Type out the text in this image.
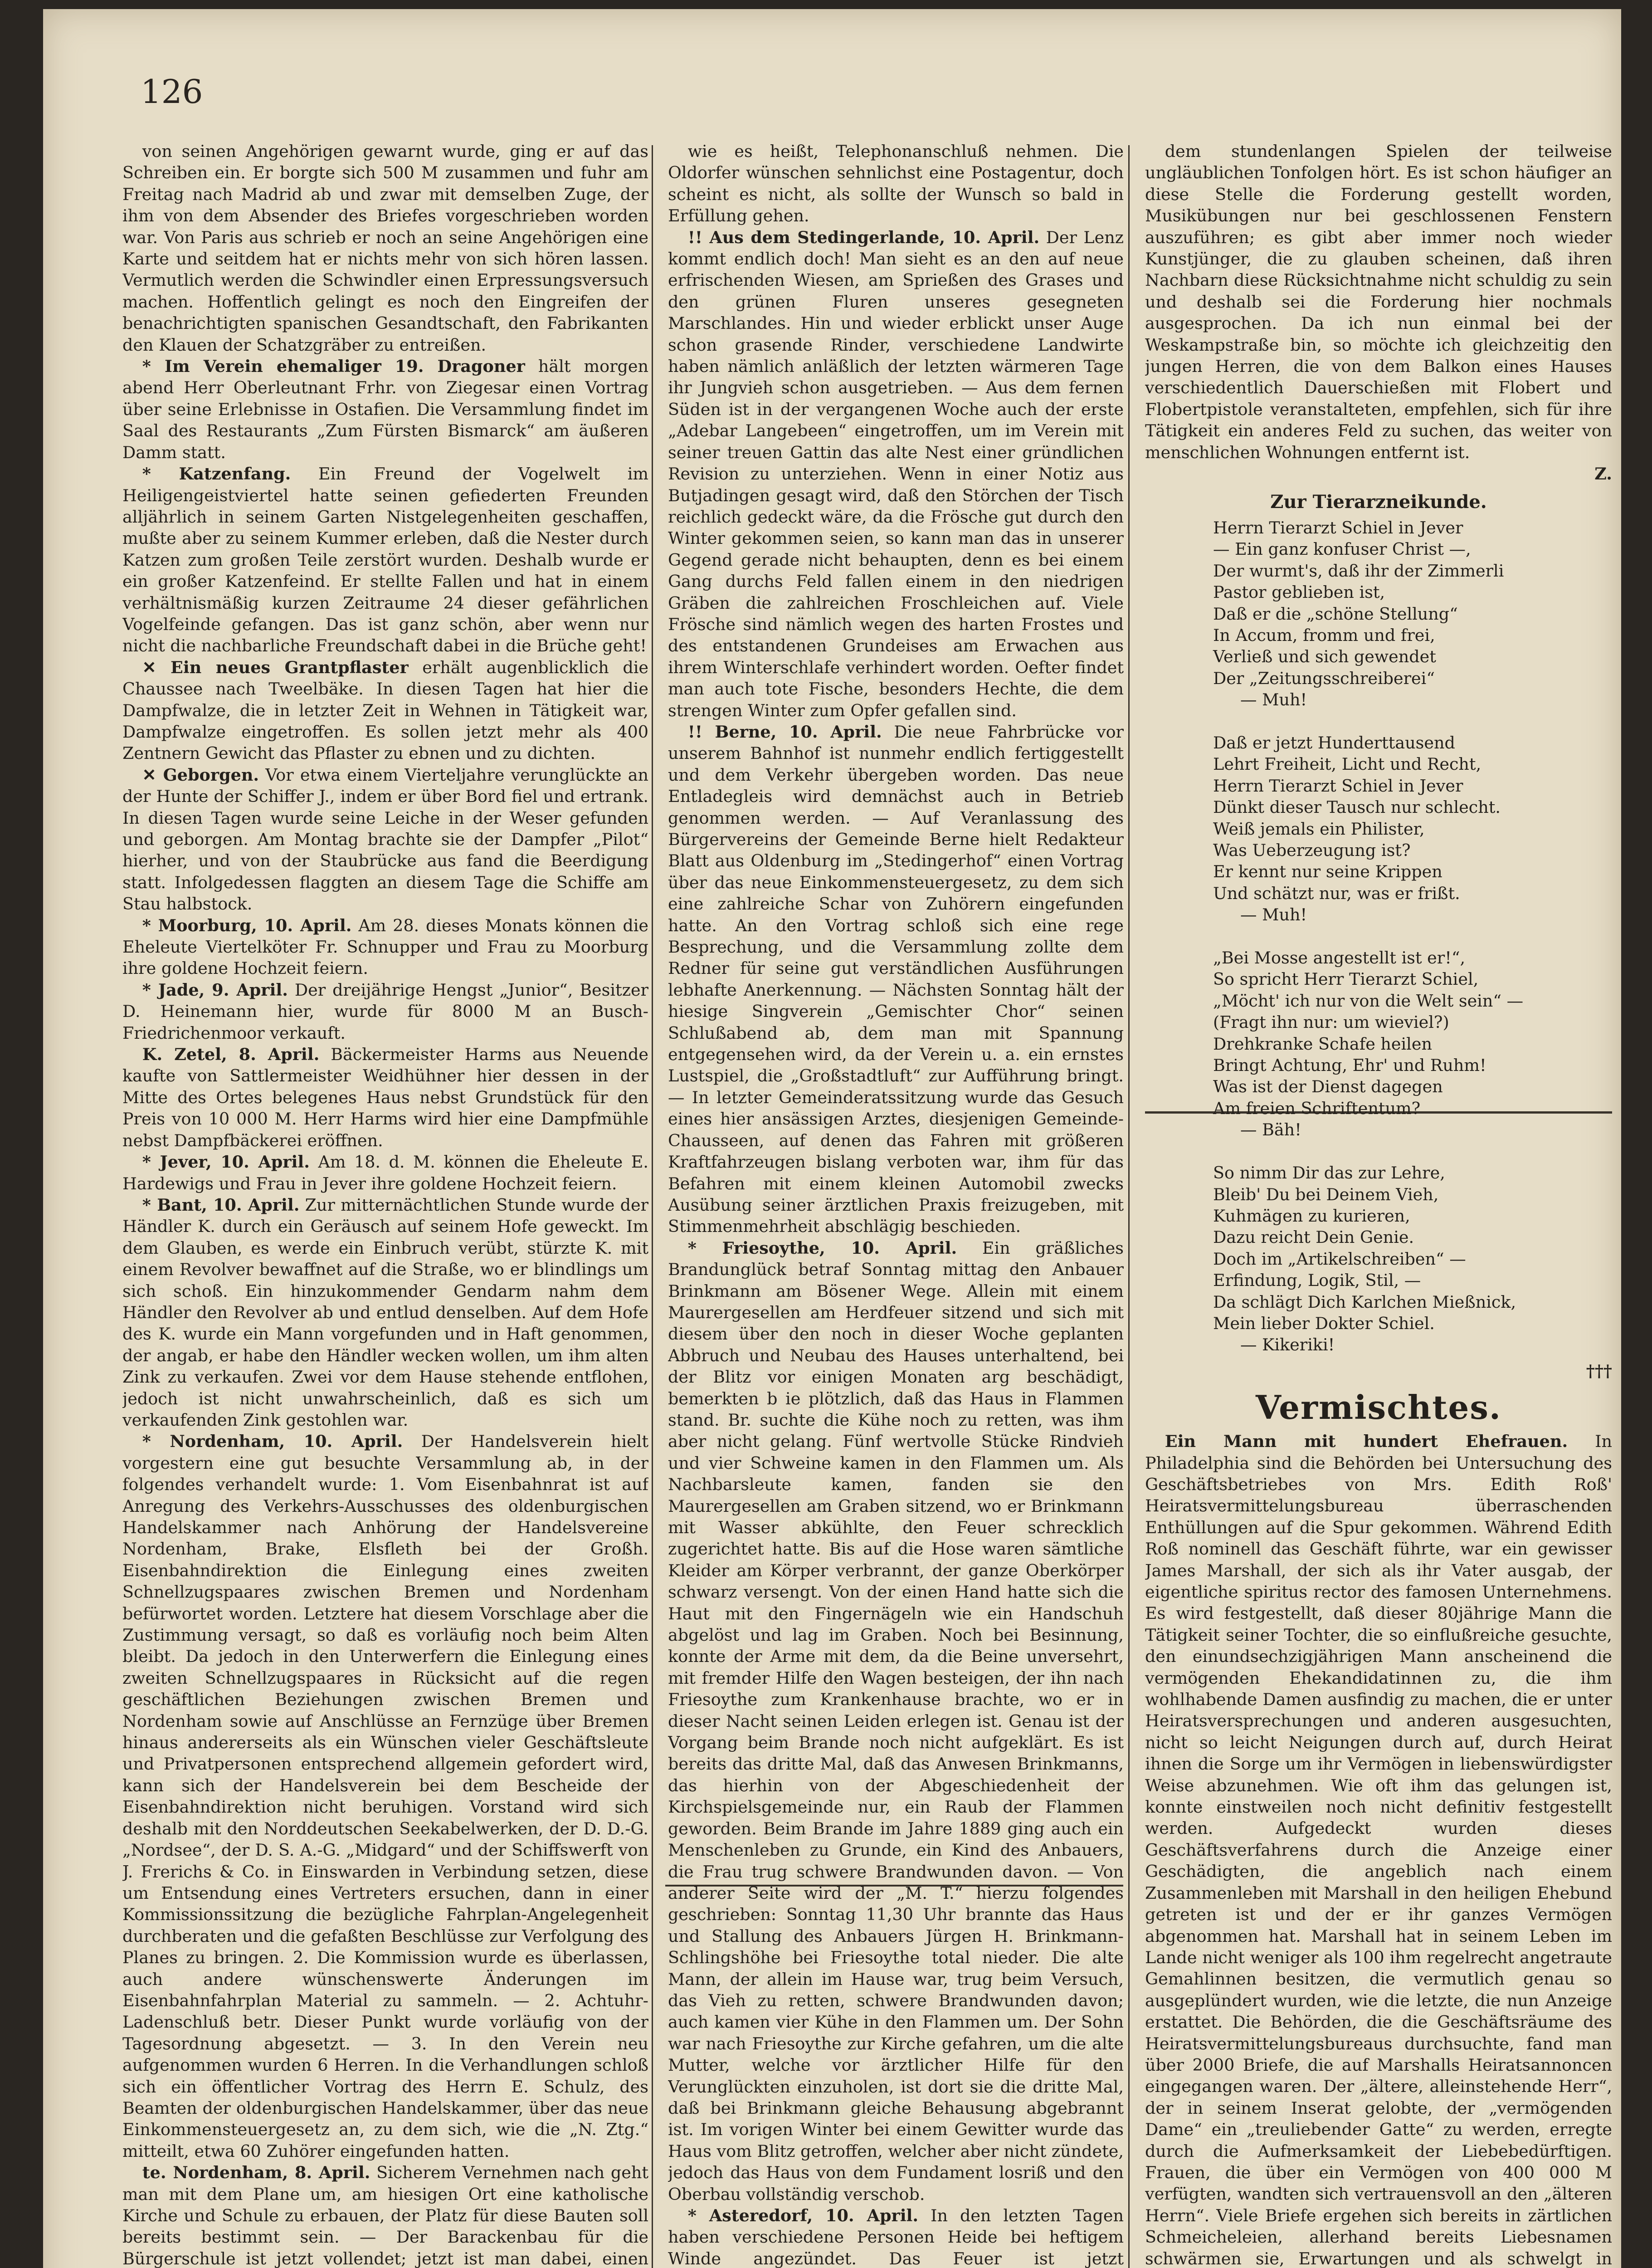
126

von seinen Angehörigen gewarnt wurde, ging er auf das Schreiben ein. Er borgte sich 500 M zusammen und fuhr am Freitag nach Madrid ab und zwar mit demselben Zuge, der ihm von dem Absender des Briefes vorgeschrieben worden war. Von Paris aus schrieb er noch an seine Angehörigen eine Karte und seitdem hat er nichts mehr von sich hören lassen. Vermutlich werden die Schwindler einen Erpressungsversuch machen. Hoffentlich gelingt es noch den Eingreifen der benachrichtigten spanischen Gesandtschaft, den Fabrikanten den Klauen der Schatzgräber zu entreißen.

* Im Verein ehemaliger 19. Dragoner hält morgen abend Herr Oberleutnant Frhr. von Ziegesar einen Vortrag über seine Erlebnisse in Ostafien. Die Versammlung findet im Saal des Restaurants „Zum Fürsten Bismarck“ am äußeren Damm statt.

* Katzenfang. Ein Freund der Vogelwelt im Heiligengeistviertel hatte seinen gefiederten Freunden alljährlich in seinem Garten Nistgelegenheiten geschaffen, mußte aber zu seinem Kummer erleben, daß die Nester durch Katzen zum großen Teile zerstört wurden. Deshalb wurde er ein großer Katzenfeind. Er stellte Fallen und hat in einem verhältnismäßig kurzen Zeitraume 24 dieser gefährlichen Vogelfeinde gefangen. Das ist ganz schön, aber wenn nur nicht die nachbarliche Freundschaft dabei in die Brüche geht!

✕ Ein neues Grantpflaster erhält augenblicklich die Chaussee nach Tweelbäke. In diesen Tagen hat hier die Dampfwalze, die in letzter Zeit in Wehnen in Tätigkeit war, Dampfwalze eingetroffen. Es sollen jetzt mehr als 400 Zentnern Gewicht das Pflaster zu ebnen und zu dichten.

✕ Geborgen. Vor etwa einem Vierteljahre verunglückte an der Hunte der Schiffer J., indem er über Bord fiel und ertrank. In diesen Tagen wurde seine Leiche in der Weser gefunden und geborgen. Am Montag brachte sie der Dampfer „Pilot“ hierher, und von der Staubrücke aus fand die Beerdigung statt. Infolgedessen flaggten an diesem Tage die Schiffe am Stau halbstock.

* Moorburg, 10. April. Am 28. dieses Monats können die Eheleute Viertelköter Fr. Schnupper und Frau zu Moorburg ihre goldene Hochzeit feiern.

* Jade, 9. April. Der dreijährige Hengst „Junior“, Besitzer D. Heinemann hier, wurde für 8000 M an Busch-Friedrichenmoor verkauft.

K. Zetel, 8. April. Bäckermeister Harms aus Neuende kaufte von Sattlermeister Weidhühner hier dessen in der Mitte des Ortes belegenes Haus nebst Grundstück für den Preis von 10 000 M. Herr Harms wird hier eine Dampfmühle nebst Dampfbäckerei eröffnen.

* Jever, 10. April. Am 18. d. M. können die Eheleute E. Hardewigs und Frau in Jever ihre goldene Hochzeit feiern.

* Bant, 10. April. Zur mitternächtlichen Stunde wurde der Händler K. durch ein Geräusch auf seinem Hofe geweckt. Im dem Glauben, es werde ein Einbruch verübt, stürzte K. mit einem Revolver bewaffnet auf die Straße, wo er blindlings um sich schoß. Ein hinzukommender Gendarm nahm dem Händler den Revolver ab und entlud denselben. Auf dem Hofe des K. wurde ein Mann vorgefunden und in Haft genommen, der angab, er habe den Händler wecken wollen, um ihm alten Zink zu verkaufen. Zwei vor dem Hause stehende entflohen, jedoch ist nicht unwahrscheinlich, daß es sich um verkaufenden Zink gestohlen war.

* Nordenham, 10. April. Der Handelsverein hielt vorgestern eine gut besuchte Versammlung ab, in der folgendes verhandelt wurde: 1. Vom Eisenbahnrat ist auf Anregung des Verkehrs-Ausschusses des oldenburgischen Handelskammer nach Anhörung der Handelsvereine Nordenham, Brake, Elsfleth bei der Großh. Eisenbahndirektion die Einlegung eines zweiten Schnellzugspaares zwischen Bremen und Nordenham befürwortet worden. Letztere hat diesem Vorschlage aber die Zustimmung versagt, so daß es vorläufig noch beim Alten bleibt. Da jedoch in den Unterwerfern die Einlegung eines zweiten Schnellzugspaares in Rücksicht auf die regen geschäftlichen Beziehungen zwischen Bremen und Nordenham sowie auf Anschlüsse an Fernzüge über Bremen hinaus andererseits als ein Wünschen vieler Geschäftsleute und Privatpersonen entsprechend allgemein gefordert wird, kann sich der Handelsverein bei dem Bescheide der Eisenbahndirektion nicht beruhigen. Vorstand wird sich deshalb mit den Norddeutschen Seekabelwerken, der D. D.-G. „Nordsee“, der D. S. A.-G. „Midgard“ und der Schiffswerft von J. Frerichs & Co. in Einswarden in Verbindung setzen, diese um Entsendung eines Vertreters ersuchen, dann in einer Kommissionssitzung die bezügliche Fahrplan-Angelegenheit durchberaten und die gefaßten Beschlüsse zur Verfolgung des Planes zu bringen. 2. Die Kommission wurde es überlassen, auch andere wünschenswerte Änderungen im Eisenbahnfahrplan Material zu sammeln. — 2. Achtuhr-Ladenschluß betr. Dieser Punkt wurde vorläufig von der Tagesordnung abgesetzt. — 3. In den Verein neu aufgenommen wurden 6 Herren. In die Verhandlungen schloß sich ein öffentlicher Vortrag des Herrn E. Schulz, des Beamten der oldenburgischen Handelskammer, über das neue Einkommensteuergesetz an, zu dem sich, wie die „N. Ztg.“ mitteilt, etwa 60 Zuhörer eingefunden hatten.

te. Nordenham, 8. April. Sicherem Vernehmen nach geht man mit dem Plane um, am hiesigen Ort eine katholische Kirche und Schule zu erbauen, der Platz für diese Bauten soll bereits bestimmt sein. — Der Barackenbau für die Bürgerschule ist jetzt vollendet; jetzt ist man dabei, einen

wie es heißt, Telephonanschluß nehmen. Die Oldorfer wünschen sehnlichst eine Postagentur, doch scheint es nicht, als sollte der Wunsch so bald in Erfüllung gehen.

!! Aus dem Stedingerlande, 10. April. Der Lenz kommt endlich doch! Man sieht es an den auf neue erfrischenden Wiesen, am Sprießen des Grases und den grünen Fluren unseres gesegneten Marschlandes. Hin und wieder erblickt unser Auge schon grasende Rinder, verschiedene Landwirte haben nämlich anläßlich der letzten wärmeren Tage ihr Jungvieh schon ausgetrieben. — Aus dem fernen Süden ist in der vergangenen Woche auch der erste „Adebar Langebeen“ eingetroffen, um im Verein mit seiner treuen Gattin das alte Nest einer gründlichen Revision zu unterziehen. Wenn in einer Notiz aus Butjadingen gesagt wird, daß den Störchen der Tisch reichlich gedeckt wäre, da die Frösche gut durch den Winter gekommen seien, so kann man das in unserer Gegend gerade nicht behaupten, denn es bei einem Gang durchs Feld fallen einem in den niedrigen Gräben die zahlreichen Froschleichen auf. Viele Frösche sind nämlich wegen des harten Frostes und des entstandenen Grundeises am Erwachen aus ihrem Winterschlafe verhindert worden. Oefter findet man auch tote Fische, besonders Hechte, die dem strengen Winter zum Opfer gefallen sind.

!! Berne, 10. April. Die neue Fahrbrücke vor unserem Bahnhof ist nunmehr endlich fertiggestellt und dem Verkehr übergeben worden. Das neue Entladegleis wird demnächst auch in Betrieb genommen werden. — Auf Veranlassung des Bürgervereins der Gemeinde Berne hielt Redakteur Blatt aus Oldenburg im „Stedingerhof“ einen Vortrag über das neue Einkommensteuergesetz, zu dem sich eine zahlreiche Schar von Zuhörern eingefunden hatte. An den Vortrag schloß sich eine rege Besprechung, und die Versammlung zollte dem Redner für seine gut verständlichen Ausführungen lebhafte Anerkennung. — Nächsten Sonntag hält der hiesige Singverein „Gemischter Chor“ seinen Schlußabend ab, dem man mit Spannung entgegensehen wird, da der Verein u. a. ein ernstes Lustspiel, die „Großstadtluft“ zur Aufführung bringt. — In letzter Gemeinderatssitzung wurde das Gesuch eines hier ansässigen Arztes, diesjenigen Gemeinde-Chausseen, auf denen das Fahren mit größeren Kraftfahrzeugen bislang verboten war, ihm für das Befahren mit einem kleinen Automobil zwecks Ausübung seiner ärztlichen Praxis freizugeben, mit Stimmenmehrheit abschlägig beschieden.

* Friesoythe, 10. April. Ein gräßliches Brandunglück betraf Sonntag mittag den Anbauer Brinkmann am Bösener Wege. Allein mit einem Maurergesellen am Herdfeuer sitzend und sich mit diesem über den noch in dieser Woche geplanten Abbruch und Neubau des Hauses unterhaltend, bei der Blitz vor einigen Monaten arg beschädigt, bemerkten b ie plötzlich, daß das Haus in Flammen stand. Br. suchte die Kühe noch zu retten, was ihm aber nicht gelang. Fünf wertvolle Stücke Rindvieh und vier Schweine kamen in den Flammen um. Als Nachbarsleute kamen, fanden sie den Maurergesellen am Graben sitzend, wo er Brinkmann mit Wasser abkühlte, den Feuer schrecklich zugerichtet hatte. Bis auf die Hose waren sämtliche Kleider am Körper verbrannt, der ganze Oberkörper schwarz versengt. Von der einen Hand hatte sich die Haut mit den Fingernägeln wie ein Handschuh abgelöst und lag im Graben. Noch bei Besinnung, konnte der Arme mit dem, da die Beine unversehrt, mit fremder Hilfe den Wagen besteigen, der ihn nach Friesoythe zum Krankenhause brachte, wo er in dieser Nacht seinen Leiden erlegen ist. Genau ist der Vorgang beim Brande noch nicht aufgeklärt. Es ist bereits das dritte Mal, daß das Anwesen Brinkmanns, das hierhin von der Abgeschiedenheit der Kirchspielsgemeinde nur, ein Raub der Flammen geworden. Beim Brande im Jahre 1889 ging auch ein Menschenleben zu Grunde, ein Kind des Anbauers, die Frau trug schwere Brandwunden davon. — Von anderer Seite wird der „M. T.“ hierzu folgendes geschrieben: Sonntag 11,30 Uhr brannte das Haus und Stallung des Anbauers Jürgen H. Brinkmann-Schlingshöhe bei Friesoythe total nieder. Die alte Mann, der allein im Hause war, trug beim Versuch, das Vieh zu retten, schwere Brandwunden davon; auch kamen vier Kühe in den Flammen um. Der Sohn war nach Friesoythe zur Kirche gefahren, um die alte Mutter, welche vor ärztlicher Hilfe für den Verunglückten einzuholen, ist dort sie die dritte Mal, daß bei Brinkmann gleiche Behausung abgebrannt ist. Im vorigen Winter bei einem Gewitter wurde das Haus vom Blitz getroffen, welcher aber nicht zündete, jedoch das Haus von dem Fundament losriß und den Oberbau vollständig verschob.

* Asteredorf, 10. April. In den letzten Tagen haben verschiedene Personen Heide bei heftigem Winde angezündet. Das Feuer ist jetzt

dem stundenlangen Spielen der teilweise ungläublichen Tonfolgen hört. Es ist schon häufiger an diese Stelle die Forderung gestellt worden, Musikübungen nur bei geschlossenen Fenstern auszuführen; es gibt aber immer noch wieder Kunstjünger, die zu glauben scheinen, daß ihren Nachbarn diese Rücksichtnahme nicht schuldig zu sein und deshalb sei die Forderung hier nochmals ausgesprochen. Da ich nun einmal bei der Weskampstraße bin, so möchte ich gleichzeitig den jungen Herren, die von dem Balkon eines Hauses verschiedentlich Dauerschießen mit Flobert und Flobertpistole veranstalteten, empfehlen, sich für ihre Tätigkeit ein anderes Feld zu suchen, das weiter von menschlichen Wohnungen entfernt ist.

Z.
Zur Tierarzneikunde.
Herrn Tierarzt Schiel in Jever
— Ein ganz konfuser Christ —,
Der wurmt's, daß ihr der Zimmerli
Pastor geblieben ist,
Daß er die „schöne Stellung“
In Accum, fromm und frei,
Verließ und sich gewendet
Der „Zeitungsschreiberei“
— Muh!

Daß er jetzt Hunderttausend
Lehrt Freiheit, Licht und Recht,
Herrn Tierarzt Schiel in Jever
Dünkt dieser Tausch nur schlecht.
Weiß jemals ein Philister,
Was Ueberzeugung ist?
Er kennt nur seine Krippen
Und schätzt nur, was er frißt.
— Muh!

„Bei Mosse angestellt ist er!“,
So spricht Herr Tierarzt Schiel,
„Möcht' ich nur von die Welt sein“ —
(Fragt ihn nur: um wieviel?)
Drehkranke Schafe heilen
Bringt Achtung, Ehr' und Ruhm!
Was ist der Dienst dagegen
Am freien Schriftentum?
— Bäh!

So nimm Dir das zur Lehre,
Bleib' Du bei Deinem Vieh,
Kuhmägen zu kurieren,
Dazu reicht Dein Genie.
Doch im „Artikelschreiben“ —
Erfindung, Logik, Stil, —
Da schlägt Dich Karlchen Mießnick,
Mein lieber Dokter Schiel.
— Kikeriki!
†††
Vermischtes.

Ein Mann mit hundert Ehefrauen. In Philadelphia sind die Behörden bei Untersuchung des Geschäftsbetriebes von Mrs. Edith Roß' Heiratsvermittelungsbureau überraschenden Enthüllungen auf die Spur gekommen. Während Edith Roß nominell das Geschäft führte, war ein gewisser James Marshall, der sich als ihr Vater ausgab, der eigentliche spiritus rector des famosen Unternehmens. Es wird festgestellt, daß dieser 80jährige Mann die Tätigkeit seiner Tochter, die so einflußreiche gesuchte, den einundsechzigjährigen Mann anscheinend die vermögenden Ehekandidatinnen zu, die ihm wohlhabende Damen ausfindig zu machen, die er unter Heiratsversprechungen und anderen ausgesuchten, nicht so leicht Neigungen durch auf, durch Heirat ihnen die Sorge um ihr Vermögen in liebenswürdigster Weise abzunehmen. Wie oft ihm das gelungen ist, konnte einstweilen noch nicht definitiv festgestellt werden. Aufgedeckt wurden dieses Geschäftsverfahrens durch die Anzeige einer Geschädigten, die angeblich nach einem Zusammenleben mit Marshall in den heiligen Ehebund getreten ist und der er ihr ganzes Vermögen abgenommen hat. Marshall hat in seinem Leben im Lande nicht weniger als 100 ihm regelrecht angetraute Gemahlinnen besitzen, die vermutlich genau so ausgeplündert wurden, wie die letzte, die nun Anzeige erstattet. Die Behörden, die die Geschäftsräume des Heiratsvermittelungsbureaus durchsuchte, fand man über 2000 Briefe, die auf Marshalls Heiratsannoncen eingegangen waren. Der „ältere, alleinstehende Herr“, der in seinem Inserat gelobte, der „vermögenden Dame“ ein „treuliebender Gatte“ zu werden, erregte durch die Aufmerksamkeit der Liebebedürftigen. Frauen, die über ein Vermögen von 400 000 M verfügten, wandten sich vertrauensvoll an den „älteren Herrn“. Viele Briefe ergehen sich bereits in zärtlichen Schmeicheleien, allerhand bereits Liebesnamen schwärmen sie, Erwartungen und als schwelgt in
